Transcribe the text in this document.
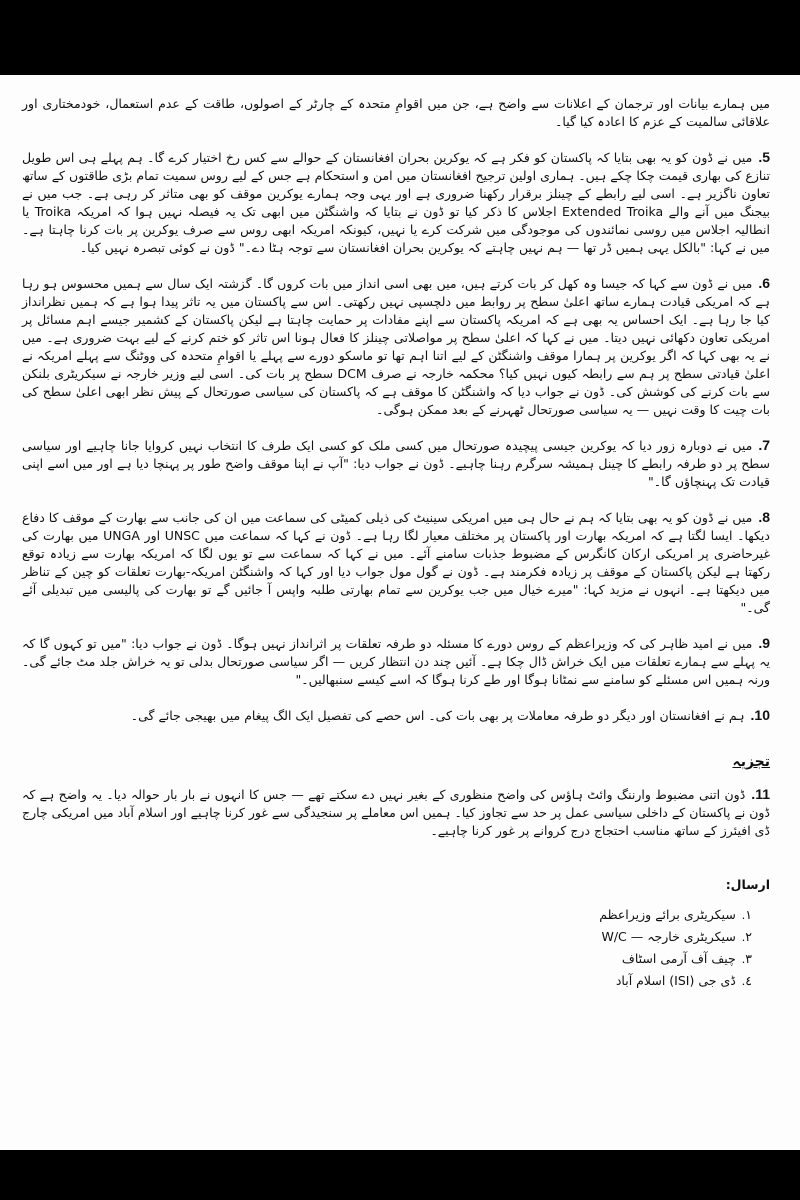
میں ہمارے بیانات اور ترجمان کے اعلانات سے واضح ہے، جن میں اقوامِ متحدہ کے چارٹر کے اصولوں، طاقت کے عدم استعمال، خودمختاری اور علاقائی سالمیت کے عزم کا اعادہ کیا گیا۔

5.میں نے ڈون کو یہ بھی بتایا کہ پاکستان کو فکر ہے کہ یوکرین بحران افغانستان کے حوالے سے کس رخ اختیار کرے گا۔ ہم پہلے ہی اس طویل تنازع کی بھاری قیمت چکا چکے ہیں۔ ہماری اولین ترجیح افغانستان میں امن و استحکام ہے جس کے لیے روس سمیت تمام بڑی طاقتوں کے ساتھ تعاون ناگزیر ہے۔ اسی لیے رابطے کے چینلز برقرار رکھنا ضروری ہے اور یہی وجہ ہمارے یوکرین موقف کو بھی متاثر کر رہی ہے۔ جب میں نے بیجنگ میں آنے والے Extended Troika اجلاس کا ذکر کیا تو ڈون نے بتایا کہ واشنگٹن میں ابھی تک یہ فیصلہ نہیں ہوا کہ امریکہ Troika یا انطالیہ اجلاس میں روسی نمائندوں کی موجودگی میں شرکت کرے یا نہیں، کیونکہ امریکہ ابھی روس سے صرف یوکرین پر بات کرنا چاہتا ہے۔ میں نے کہا: "بالکل یہی ہمیں ڈر تھا — ہم نہیں چاہتے کہ یوکرین بحران افغانستان سے توجہ ہٹا دے۔" ڈون نے کوئی تبصرہ نہیں کیا۔

6.میں نے ڈون سے کہا کہ جیسا وہ کھل کر بات کرتے ہیں، میں بھی اسی انداز میں بات کروں گا۔ گزشتہ ایک سال سے ہمیں محسوس ہو رہا ہے کہ امریکی قیادت ہمارے ساتھ اعلیٰ سطح پر روابط میں دلچسپی نہیں رکھتی۔ اس سے پاکستان میں یہ تاثر پیدا ہوا ہے کہ ہمیں نظرانداز کیا جا رہا ہے۔ ایک احساس یہ بھی ہے کہ امریکہ پاکستان سے اپنے مفادات پر حمایت چاہتا ہے لیکن پاکستان کے کشمیر جیسے اہم مسائل پر امریکی تعاون دکھائی نہیں دیتا۔ میں نے کہا کہ اعلیٰ سطح پر مواصلاتی چینلز کا فعال ہونا اس تاثر کو ختم کرنے کے لیے بہت ضروری ہے۔ میں نے یہ بھی کہا کہ اگر یوکرین پر ہمارا موقف واشنگٹن کے لیے اتنا اہم تھا تو ماسکو دورے سے پہلے یا اقوامِ متحدہ کی ووٹنگ سے پہلے امریکہ نے اعلیٰ قیادتی سطح پر ہم سے رابطہ کیوں نہیں کیا؟ محکمہ خارجہ نے صرف DCM سطح پر بات کی۔ اسی لیے وزیر خارجہ نے سیکریٹری بلنکن سے بات کرنے کی کوشش کی۔ ڈون نے جواب دیا کہ واشنگٹن کا موقف ہے کہ پاکستان کی سیاسی صورتحال کے پیش نظر ابھی اعلیٰ سطح کی بات چیت کا وقت نہیں — یہ سیاسی صورتحال ٹھہرنے کے بعد ممکن ہوگی۔

7.میں نے دوبارہ زور دیا کہ یوکرین جیسی پیچیدہ صورتحال میں کسی ملک کو کسی ایک طرف کا انتخاب نہیں کروایا جانا چاہیے اور سیاسی سطح پر دو طرفہ رابطے کا چینل ہمیشہ سرگرم رہنا چاہیے۔ ڈون نے جواب دیا: "آپ نے اپنا موقف واضح طور پر پہنچا دیا ہے اور میں اسے اپنی قیادت تک پہنچاؤں گا۔"

8.میں نے ڈون کو یہ بھی بتایا کہ ہم نے حال ہی میں امریکی سینیٹ کی ذیلی کمیٹی کی سماعت میں ان کی جانب سے بھارت کے موقف کا دفاع دیکھا۔ ایسا لگتا ہے کہ امریکہ بھارت اور پاکستان پر مختلف معیار لگا رہا ہے۔ ڈون نے کہا کہ سماعت میں UNSC اور UNGA میں بھارت کی غیرحاضری پر امریکی ارکان کانگرس کے مضبوط جذبات سامنے آئے۔ میں نے کہا کہ سماعت سے تو یوں لگا کہ امریکہ بھارت سے زیادہ توقع رکھتا ہے لیکن پاکستان کے موقف پر زیادہ فکرمند ہے۔ ڈون نے گول مول جواب دیا اور کہا کہ واشنگٹن امریکہ-بھارت تعلقات کو چین کے تناظر میں دیکھتا ہے۔ انہوں نے مزید کہا: "میرے خیال میں جب یوکرین سے تمام بھارتی طلبہ واپس آ جائیں گے تو بھارت کی پالیسی میں تبدیلی آئے گی۔"

9.میں نے امید ظاہر کی کہ وزیراعظم کے روس دورے کا مسئلہ دو طرفہ تعلقات پر اثرانداز نہیں ہوگا۔ ڈون نے جواب دیا: "میں تو کہوں گا کہ یہ پہلے سے ہمارے تعلقات میں ایک خراش ڈال چکا ہے۔ آئیں چند دن انتظار کریں — اگر سیاسی صورتحال بدلی تو یہ خراش جلد مٹ جائے گی۔ ورنہ ہمیں اس مسئلے کو سامنے سے نمٹانا ہوگا اور طے کرنا ہوگا کہ اسے کیسے سنبھالیں۔"

10.ہم نے افغانستان اور دیگر دو طرفہ معاملات پر بھی بات کی۔ اس حصے کی تفصیل ایک الگ پیغام میں بھیجی جائے گی۔

تجزیہ

11.ڈون اتنی مضبوط وارننگ وائٹ ہاؤس کی واضح منظوری کے بغیر نہیں دے سکتے تھے — جس کا انہوں نے بار بار حوالہ دیا۔ یہ واضح ہے کہ ڈون نے پاکستان کے داخلی سیاسی عمل پر حد سے تجاوز کیا۔ ہمیں اس معاملے پر سنجیدگی سے غور کرنا چاہیے اور اسلام آباد میں امریکی چارج ڈی افیئرز کے ساتھ مناسب احتجاج درج کروانے پر غور کرنا چاہیے۔

ارسال:
۱.سیکریٹری برائے وزیراعظم
۲.سیکریٹری خارجہ — W/C
۳.چیف آف آرمی اسٹاف
٤.ڈی جی (ISI) اسلام آباد
